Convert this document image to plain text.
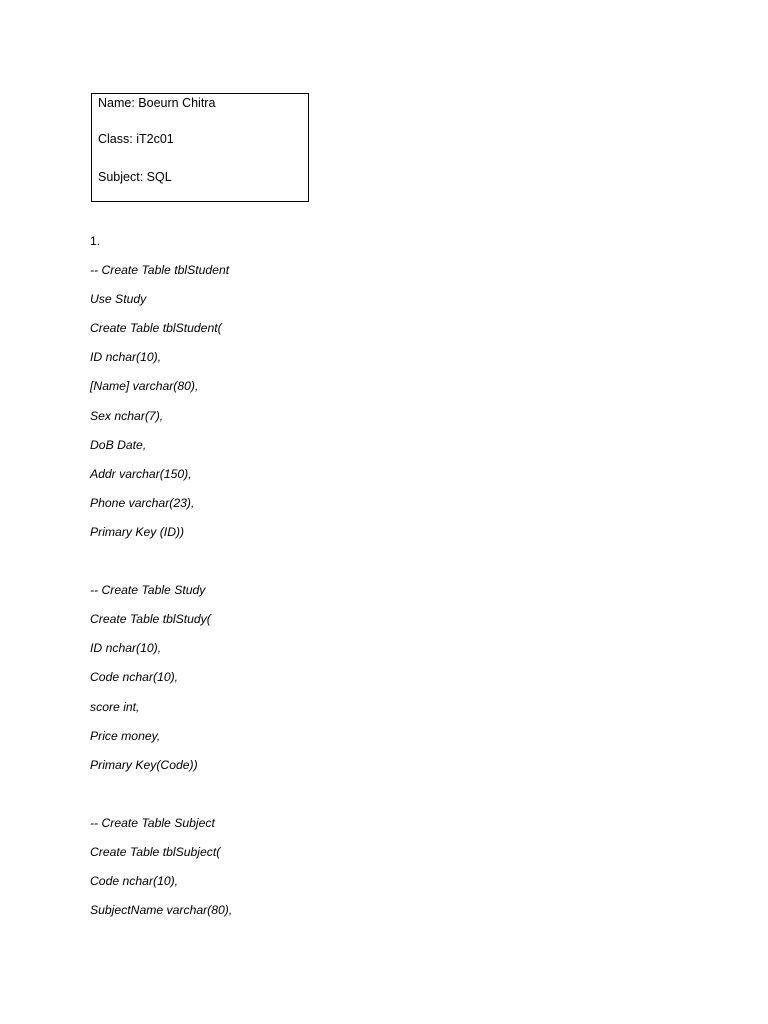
Name: Boeurn Chitra
Class: iT2c01
Subject: SQL
1.
-- Create Table tblStudent
Use Study
Create Table tblStudent(
ID nchar(10),
[Name] varchar(80),
Sex nchar(7),
DoB Date,
Addr varchar(150),
Phone varchar(23),
Primary Key (ID))
-- Create Table Study
Create Table tblStudy(
ID nchar(10),
Code nchar(10),
score int,
Price money,
Primary Key(Code))
-- Create Table Subject
Create Table tblSubject(
Code nchar(10),
SubjectName varchar(80),
